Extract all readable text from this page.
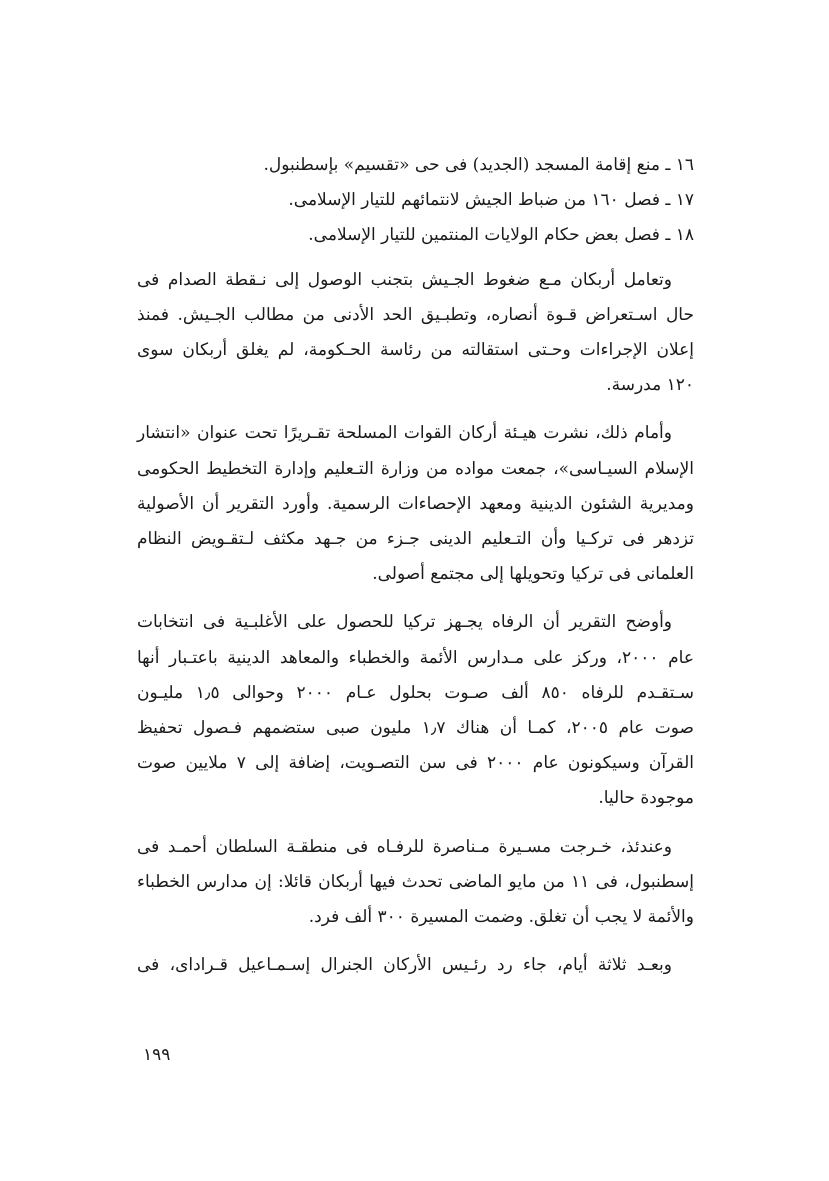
١٦ ـ منع إقامة المسجد (الجديد) فى حى «تقسيم» بإسطنبول.
١٧ ـ فصل ١٦٠ من ضباط الجيش لانتمائهم للتيار الإسلامى.
١٨ ـ فصل بعض حكام الولايات المنتمين للتيار الإسلامى.
وتعامل أربكان مـع ضغوط الجـيش بتجنب الوصول إلى نـقطة الصدام فى
حال اسـتعراض قـوة أنصاره، وتطبـيق الحد الأدنى من مطالب الجـيش. فمنذ
إعلان الإجراءات وحـتى استقالته من رئاسة الحـكومة، لم يغلق أربكان سوى
١٢٠ مدرسة.
وأمام ذلك، نشرت هيـئة أركان القوات المسلحة تقـريرًا تحت عنوان «انتشار
الإسلام السيـاسى»، جمعت مواده من وزارة التـعليم وإدارة التخطيط الحكومى
ومديرية الشئون الدينية ومعهد الإحصاءات الرسمية. وأورد التقرير أن الأصولية
تزدهر فى تركـيا وأن التـعليم الدينى جـزء من جـهد مكثف لـتقـويض النظام
العلمانى فى تركيا وتحويلها إلى مجتمع أصولى.
وأوضح التقرير أن الرفاه يجـهز تركيا للحصول على الأغلبـية فى انتخابات
عام ٢٠٠٠، وركز على مـدارس الأئمة والخطباء والمعاهد الدينية باعتـبار أنها
سـتقـدم للرفاه ٨٥٠ ألف صـوت بحلول عـام ٢٠٠٠ وحوالى ١٫٥ مليـون
صوت عام ٢٠٠٥، كمـا أن هناك ١٫٧ مليون صبى ستضمهم فـصول تحفيظ
القرآن وسيكونون عام ٢٠٠٠ فى سن التصـويت، إضافة إلى ٧ ملايين صوت
موجودة حاليا.
وعندئذ، خـرجت مسـيرة مـناصرة للرفـاه فى منطقـة السلطان أحمـد فى
إسطنبول، فى ١١ من مايو الماضى تحدث فيها أربكان قائلا: إن مدارس الخطباء
والأئمة لا يجب أن تغلق. وضمت المسيرة ٣٠٠ ألف فرد.
وبعـد ثلاثة أيام، جاء رد رئـيس الأركان الجنرال إسـمـاعيل قـراداى، فى
١٩٩
